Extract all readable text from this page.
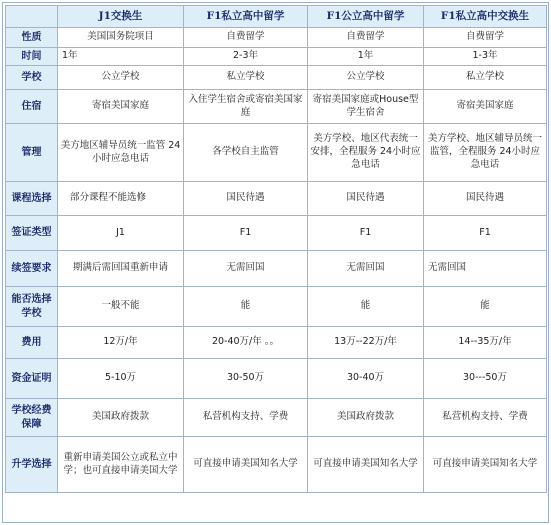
	J1交换生	F1私立高中留学	F1公立高中留学	F1私立高中交换生
性质	美国国务院项目	自费留学	自费留学	自费留学
时间	1年	2-3年	1年	1-3年
学校	公立学校	私立学校	公立学校	私立学校
住宿	寄宿美国家庭	入住学生宿舍或寄宿美国家庭	寄宿美国家庭或House型学生宿舍	寄宿美国家庭
管理	美方地区辅导员统一监管 24小时应急电话	各学校自主监管	美方学校、地区代表统一安排，全程服务 24小时应急电话	美方学校、地区辅导员统一监管，全程服务 24小时应急电话
课程选择	部分课程不能选修	国民待遇	国民待遇	国民待遇
签证类型	J1	F1	F1	F1
续签要求	期满后需回国重新申请	无需回国	无需回国	无需回国
能否选择学校	一般不能	能	能	能
费用	12万/年	20-40万/年 。。	13万--22万/年	14--35万/年
资金证明	5-10万	30-50万	30-40万	30---50万
学校经费保障	美国政府拨款	私营机构支持、学费	美国政府拨款	私营机构支持、学费
升学选择	重新申请美国公立或私立中学；也可直接申请美国大学	可直接申请美国知名大学	可直接申请美国知名大学	可直接申请美国知名大学
